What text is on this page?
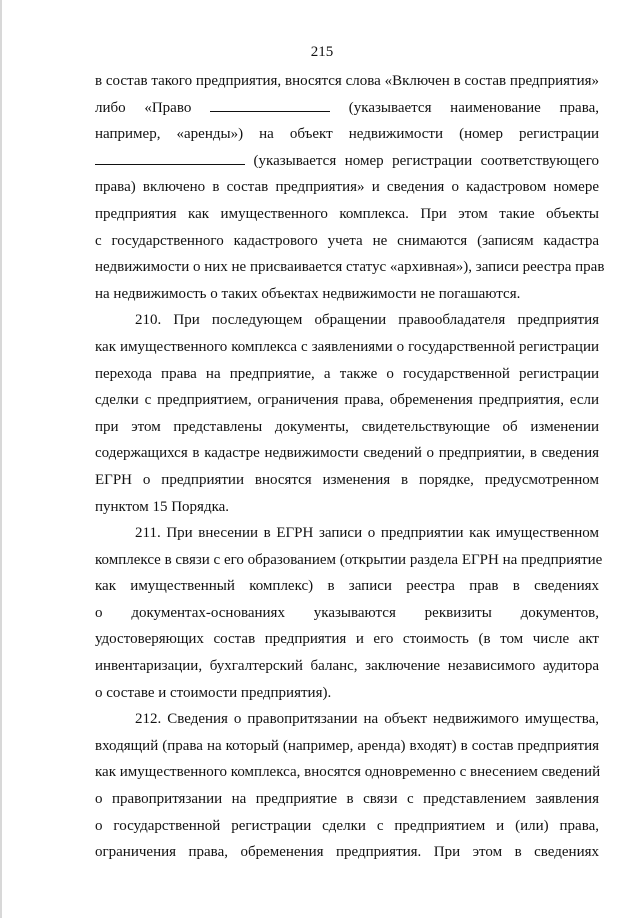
215
в состав такого предприятия, вносятся слова «Включен в состав предприятия»
либо «Право	(указывается наименование права,
например, «аренды») на объект недвижимости (номер регистрации
(указывается номер регистрации соответствующего
права) включено в состав предприятия» и сведения о кадастровом номере
предприятия как имущественного комплекса. При этом такие объекты
с государственного кадастрового учета не снимаются (записям кадастра
недвижимости о них не присваивается статус «архивная»), записи реестра прав
на недвижимость о таких объектах недвижимости не погашаются.
210. При последующем обращении правообладателя предприятия
как имущественного комплекса с заявлениями о государственной регистрации
перехода права на предприятие, а также о государственной регистрации
сделки с предприятием, ограничения права, обременения предприятия, если
при этом представлены документы, свидетельствующие об изменении
содержащихся в кадастре недвижимости сведений о предприятии, в сведения
ЕГРН о предприятии вносятся изменения в порядке, предусмотренном
пунктом 15 Порядка.
211. При внесении в ЕГРН записи о предприятии как имущественном
комплексе в связи с его образованием (открытии раздела ЕГРН на предприятие
как имущественный комплекс) в записи реестра прав в сведениях
о документах-основаниях указываются реквизиты документов,
удостоверяющих состав предприятия и его стоимость (в том числе акт
инвентаризации, бухгалтерский баланс, заключение независимого аудитора
о составе и стоимости предприятия).
212. Сведения о правопритязании на объект недвижимого имущества,
входящий (права на который (например, аренда) входят) в состав предприятия
как имущественного комплекса, вносятся одновременно с внесением сведений
о правопритязании на предприятие в связи с представлением заявления
о государственной регистрации сделки с предприятием и (или) права,
ограничения права, обременения предприятия. При этом в сведениях
